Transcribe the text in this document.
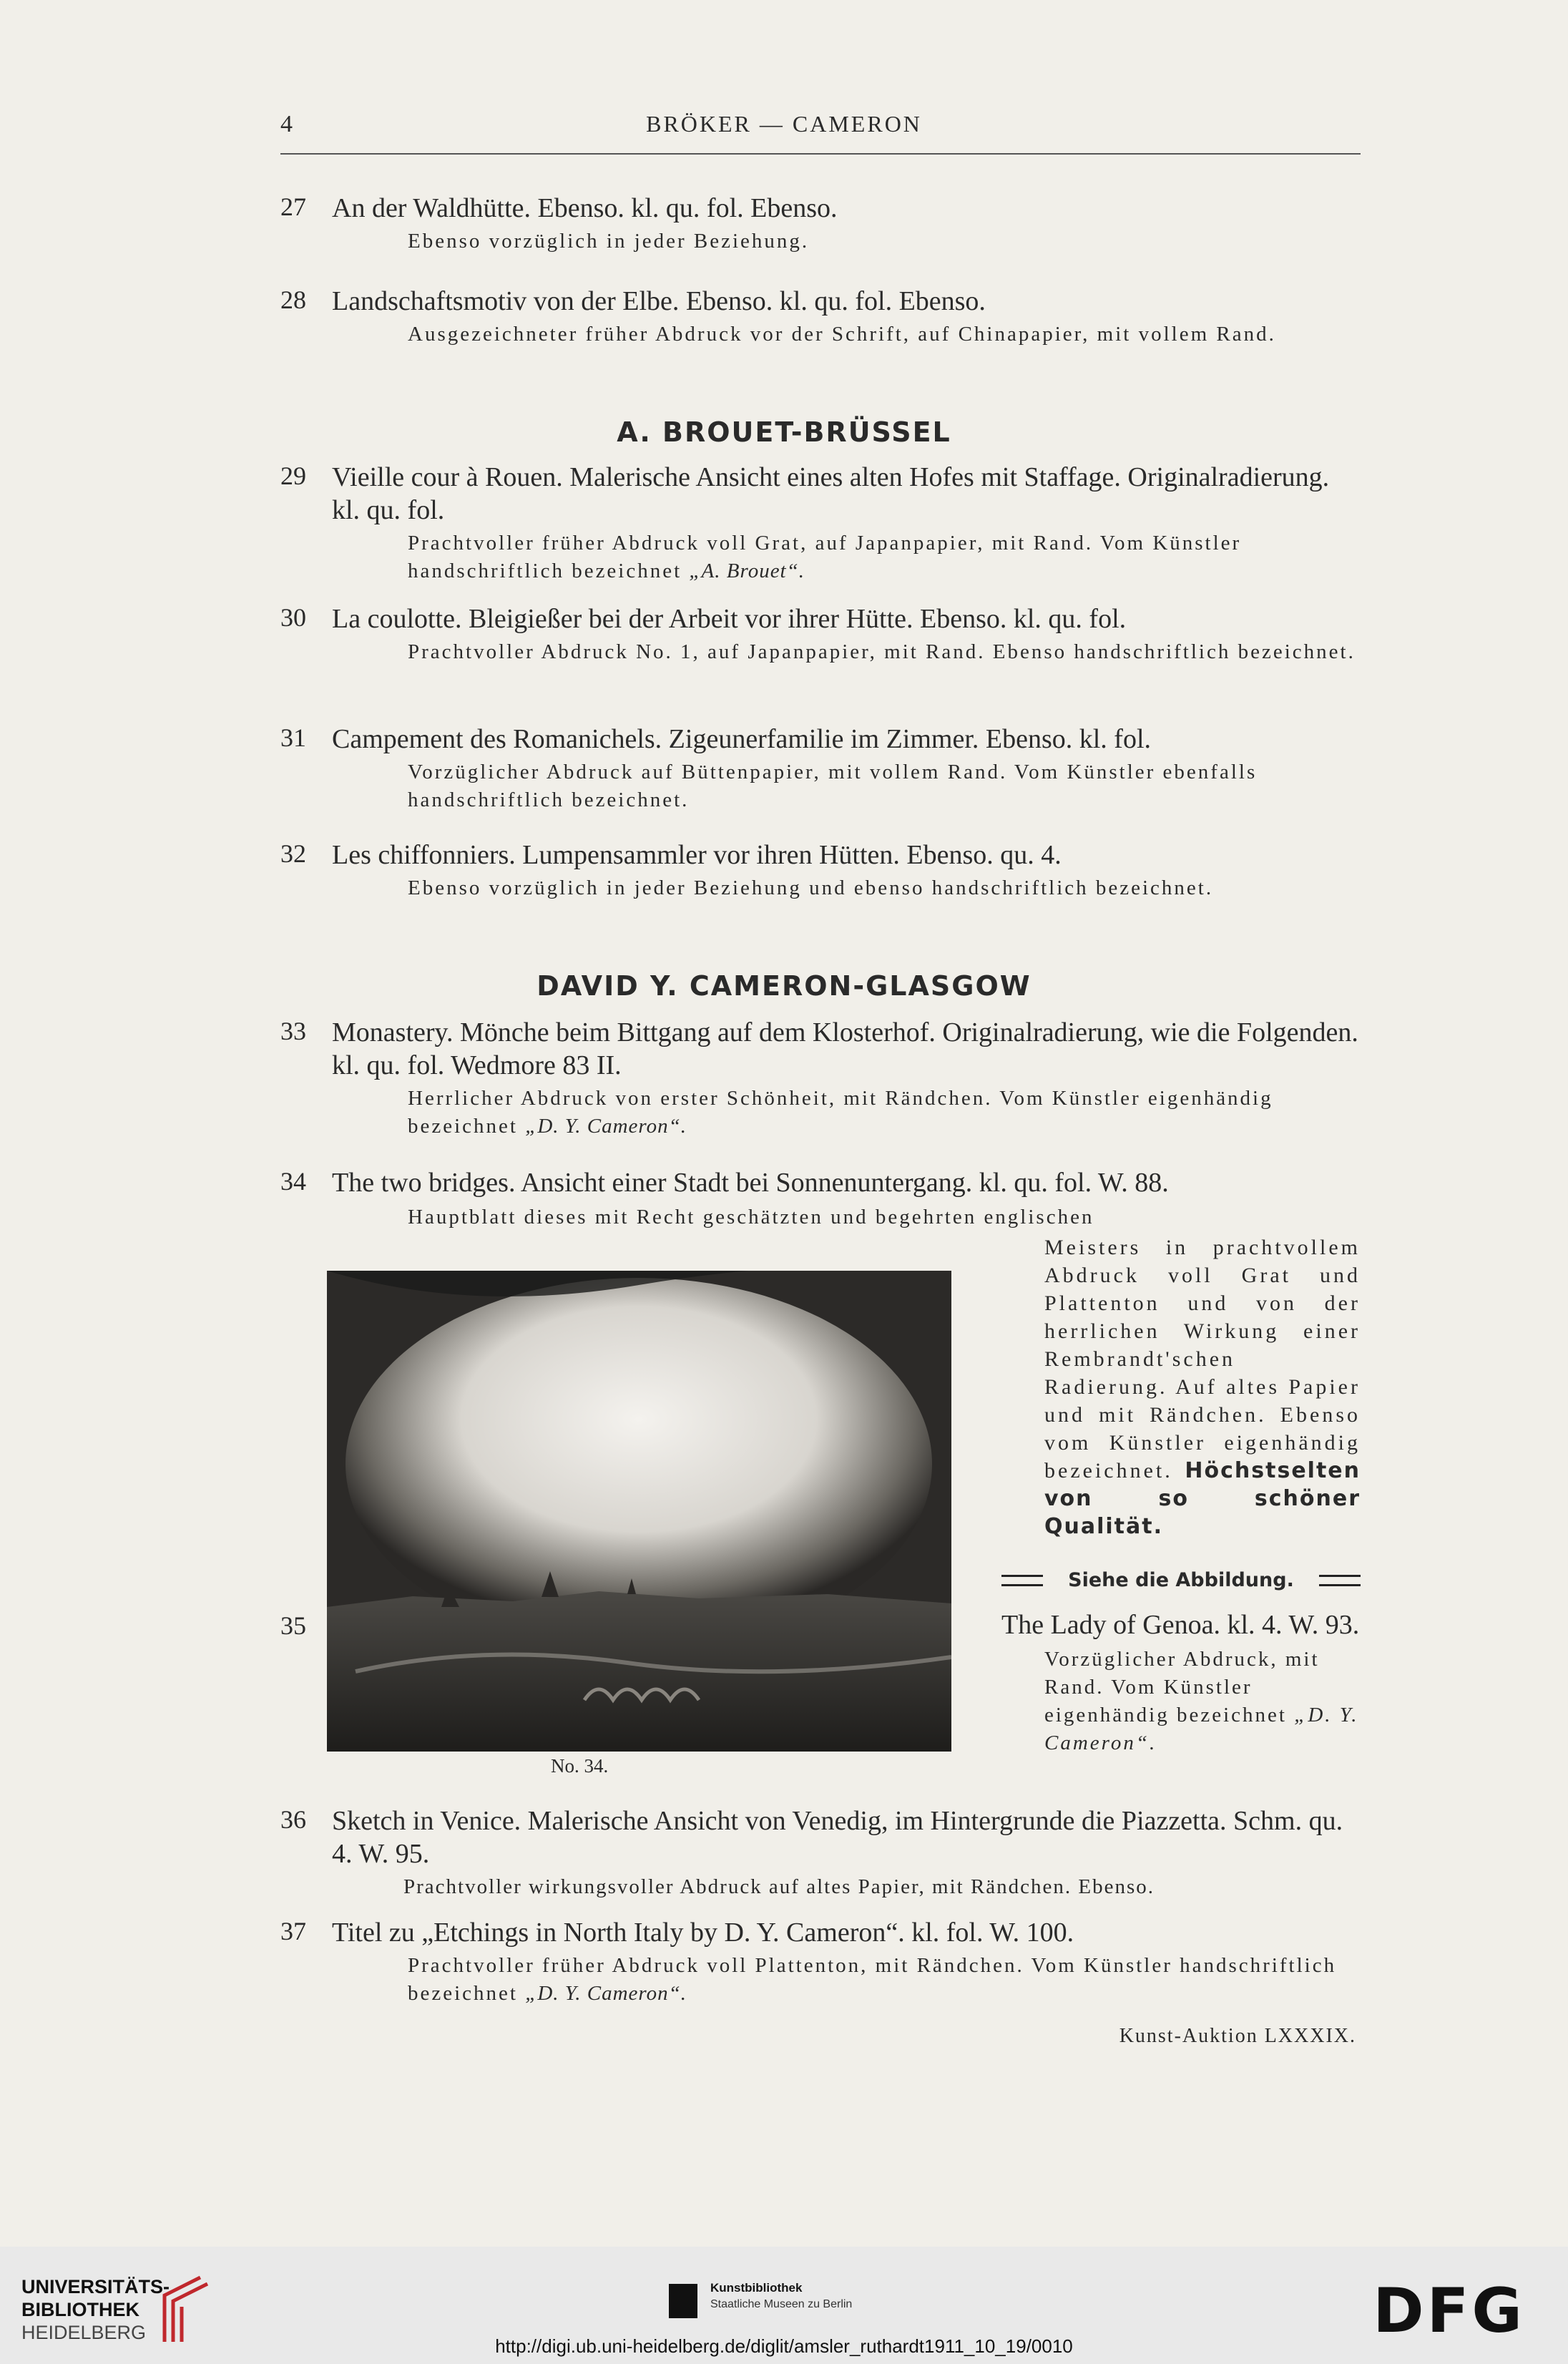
4	BRÖKER — CAMERON
27 An der Waldhütte. Ebenso. kl. qu. fol. Ebenso.
Ebenso vorzüglich in jeder Beziehung.
28 Landschaftsmotiv von der Elbe. Ebenso. kl. qu. fol. Ebenso.
Ausgezeichneter früher Abdruck vor der Schrift, auf Chinapapier, mit vollem Rand.
A. BROUET-BRÜSSEL
29 Vieille cour à Rouen. Malerische Ansicht eines alten Hofes mit Staffage. Originalradierung. kl. qu. fol.
Prachtvoller früher Abdruck voll Grat, auf Japanpapier, mit Rand. Vom Künstler handschriftlich bezeichnet „A. Brouet“.
30 La coulotte. Bleigießer bei der Arbeit vor ihrer Hütte. Ebenso. kl. qu. fol.
Prachtvoller Abdruck No. 1, auf Japanpapier, mit Rand. Ebenso handschriftlich bezeichnet.
31 Campement des Romanichels. Zigeunerfamilie im Zimmer. Ebenso. kl. fol.
Vorzüglicher Abdruck auf Büttenpapier, mit vollem Rand. Vom Künstler ebenfalls handschriftlich bezeichnet.
32 Les chiffonniers. Lumpensammler vor ihren Hütten. Ebenso. qu. 4.
Ebenso vorzüglich in jeder Beziehung und ebenso handschriftlich bezeichnet.
DAVID Y. CAMERON-GLASGOW
33 Monastery. Mönche beim Bittgang auf dem Klosterhof. Originalradierung, wie die Folgenden. kl. qu. fol. Wedmore 83 II.
Herrlicher Abdruck von erster Schönheit, mit Rändchen. Vom Künstler eigenhändig bezeichnet „D. Y. Cameron“.
34 The two bridges. Ansicht einer Stadt bei Sonnenuntergang. kl. qu. fol. W. 88.
Hauptblatt dieses mit Recht geschätzten und begehrten englischen
Meisters in prachtvollem Abdruck voll Grat und Plattenton und von der herrlichen Wirkung einer Rembrandt'schen Radierung. Auf altes Papier und mit Rändchen. Ebenso vom Künstler eigenhändig bezeichnet. Höchstselten von so schöner Qualität.
Siehe die Abbildung.
No. 34.
35	The Lady of Genoa. kl. 4. W. 93.
Vorzüglicher Abdruck, mit Rand. Vom Künstler eigenhändig bezeichnet „D. Y. Cameron“.
36 Sketch in Venice. Malerische Ansicht von Venedig, im Hintergrunde die Piazzetta. Schm. qu. 4. W. 95.
Prachtvoller wirkungsvoller Abdruck auf altes Papier, mit Rändchen. Ebenso.
37 Titel zu „Etchings in North Italy by D. Y. Cameron“. kl. fol. W. 100.
Prachtvoller früher Abdruck voll Plattenton, mit Rändchen. Vom Künstler handschriftlich bezeichnet „D. Y. Cameron“.
Kunst-Auktion LXXXIX.
UNIVERSITÄTS-
BIBLIOTHEK
HEIDELBERG
Kunstbibliothek
Staatliche Museen zu Berlin	DFG
http://digi.ub.uni-heidelberg.de/diglit/amsler_ruthardt1911_10_19/0010
